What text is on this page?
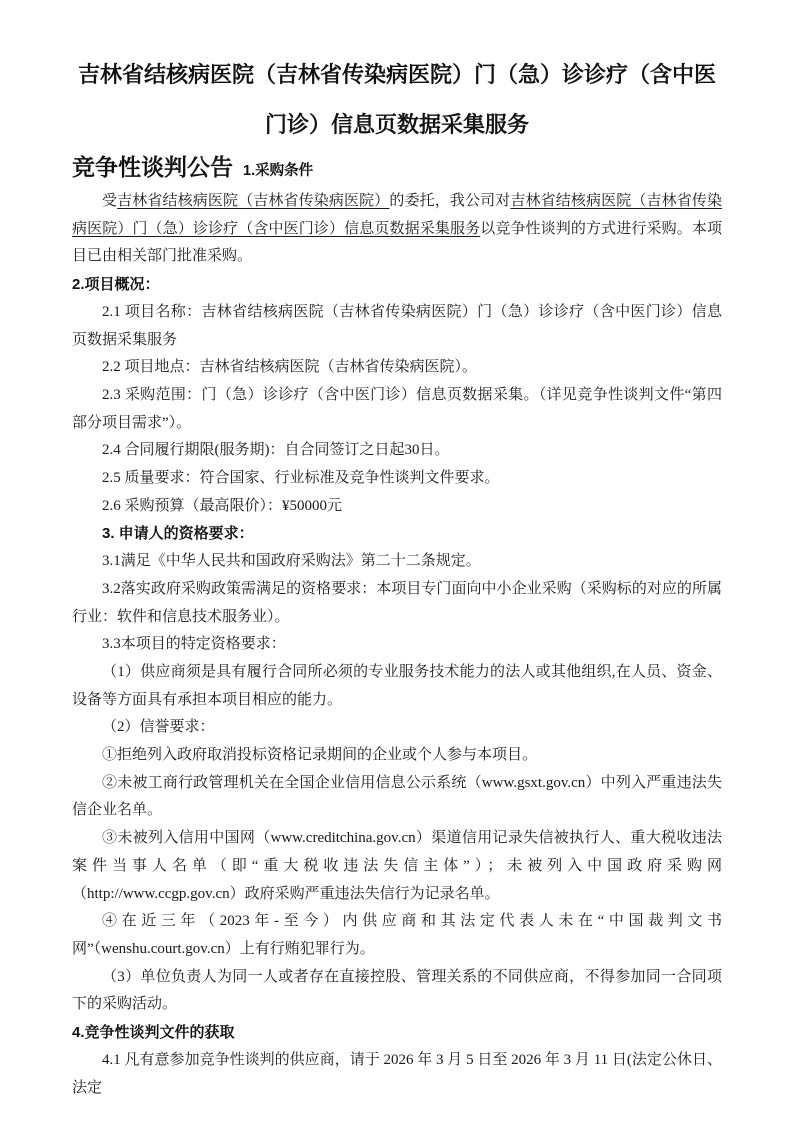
吉林省结核病医院（吉林省传染病医院）门（急）诊诊疗（含中医门诊）信息页数据采集服务
竞争性谈判公告 1.采购条件

受吉林省结核病医院（吉林省传染病医院）的委托，我公司对吉林省结核病医院（吉林省传染病医院）门（急）诊诊疗（含中医门诊）信息页数据采集服务以竞争性谈判的方式进行采购。本项目已由相关部门批准采购。

2.项目概况：

2.1 项目名称：吉林省结核病医院（吉林省传染病医院）门（急）诊诊疗（含中医门诊）信息页数据采集服务

2.2 项目地点：吉林省结核病医院（吉林省传染病医院）。

2.3 采购范围：门（急）诊诊疗（含中医门诊）信息页数据采集。（详见竞争性谈判文件“第四部分项目需求”）。

2.4 合同履行期限(服务期)：自合同签订之日起30日。

2.5 质量要求：符合国家、行业标准及竞争性谈判文件要求。

2.6 采购预算（最高限价）：¥50000元

3. 申请人的资格要求：

3.1满足《中华人民共和国政府采购法》第二十二条规定。

3.2落实政府采购政策需满足的资格要求：本项目专门面向中小企业采购（采购标的对应的所属行业：软件和信息技术服务业）。

3.3本项目的特定资格要求：

（1）供应商须是具有履行合同所必须的专业服务技术能力的法人或其他组织,在人员、资金、设备等方面具有承担本项目相应的能力。

（2）信誉要求：

①拒绝列入政府取消投标资格记录期间的企业或个人参与本项目。

②未被工商行政管理机关在全国企业信用信息公示系统（www.gsxt.gov.cn）中列入严重违法失信企业名单。

③未被列入信用中国网（www.creditchina.gov.cn）渠道信用记录失信被执行人、重大税收违法案件当事人名单（即“重大税收违法失信主体”）；未被列入中国政府采购网（http://www.ccgp.gov.cn）政府采购严重违法失信行为记录名单。

④在近三年（2023年-至今）内供应商和其法定代表人未在“中国裁判文书网”（wenshu.court.gov.cn）上有行贿犯罪行为。

（3）单位负责人为同一人或者存在直接控股、管理关系的不同供应商，不得参加同一合同项下的采购活动。

4.竞争性谈判文件的获取

4.1 凡有意参加竞争性谈判的供应商，请于 2026 年 3 月 5 日至 2026 年 3 月 11 日(法定公休日、法定
